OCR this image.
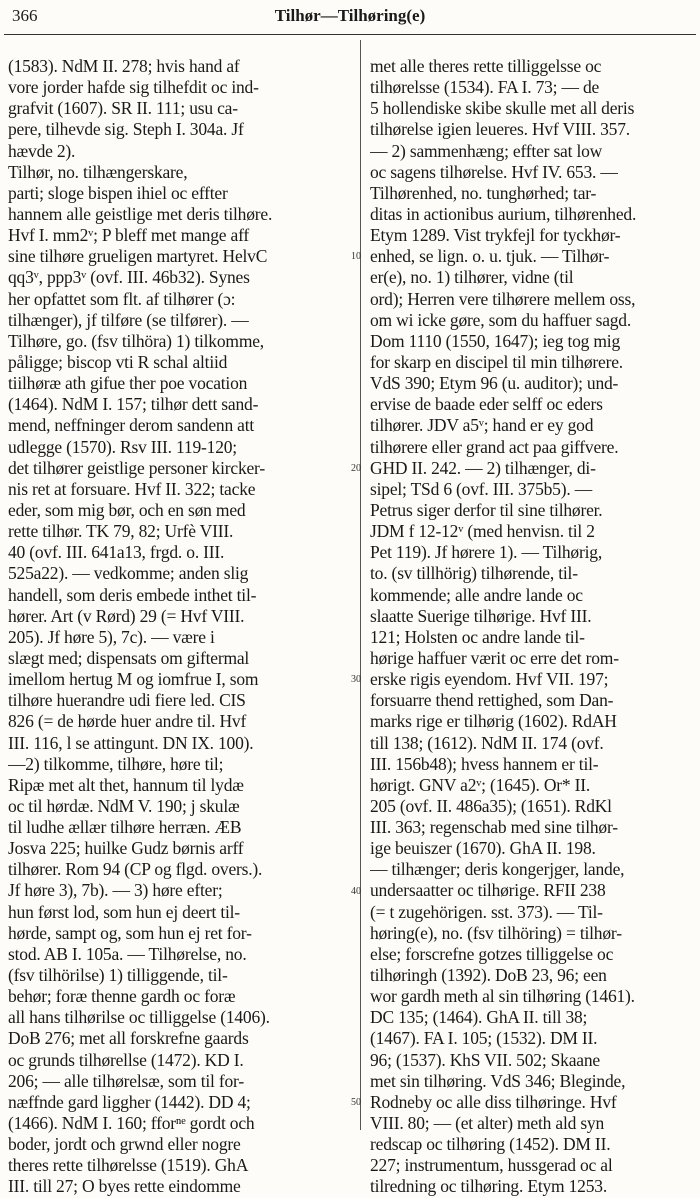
366	Tilhør—Tilhøring(e)
(1583). NdM II. 278; hvis hand af
vore jorder hafde sig tilhefdit oc ind-
grafvit (1607). SR II. 111; usu ca-
pere, tilhevde sig. Steph I. 304a. Jf
hævde 2).
Tilhør, no. tilhængerskare,
parti; sloge bispen ihiel oc effter
hannem alle geistlige met deris tilhøre.
Hvf I. mm2ᵛ; P bleff met mange aff
sine tilhøre grueligen martyret. HelvC
qq3ᵛ, ppp3ᵛ (ovf. III. 46b32). Synes
her opfattet som flt. af tilhører (ɔ:
tilhænger), jf tilføre (se tilfører). —
Tilhøre, go. (fsv tilhöra) 1) tilkomme,
påligge; biscop vti R schal altiid
tiilhøræ ath gifue ther poe vocation
(1464). NdM I. 157; tilhør dett sand-
mend, neffninger derom sandenn att
udlegge (1570). Rsv III. 119-120;
det tilhører geistlige personer kircker-
nis ret at forsuare. Hvf II. 322; tacke
eder, som mig bør, och en søn med
rette tilhør. TK 79, 82; Urfè VIII.
40 (ovf. III. 641a13, frgd. o. III.
525a22). — vedkomme; anden slig
handell, som deris embede inthet til-
hører. Art (v Rørd) 29 (= Hvf VIII.
205). Jf høre 5), 7c). — være i
slægt med; dispensats om giftermal
imellom hertug M og iomfrue I, som
tilhøre huerandre udi fiere led. CIS
826 (= de hørde huer andre til. Hvf
III. 116, l se attingunt. DN IX. 100).
—2) tilkomme, tilhøre, høre til;
Ripæ met alt thet, hannum til lydæ
oc til hørdæ. NdM V. 190; j skulæ
til ludhe ællær tilhøre herræn. ÆB
Josva 225; huilke Gudz børnis arff
tilhører. Rom 94 (CP og flgd. overs.).
Jf høre 3), 7b). — 3) høre efter;
hun først lod, som hun ej deert til-
hørde, sampt og, som hun ej ret for-
stod. AB I. 105a. — Tilhørelse, no.
(fsv tilhörilse) 1) tilliggende, til-
behør; foræ thenne gardh oc foræ
all hans tilhørilse oc tilliggelse (1406).
DoB 276; met all forskrefne gaards
oc grunds tilhørellse (1472). KD I.
206; — alle tilhørelsæ, som til for-
næffnde gard liggher (1442). DD 4;
(1466). NdM I. 160; fforⁿᵉ gordt och
boder, jordt och grwnd eller nogre
theres rette tilhørelsse (1519). GhA
III. till 27; O byes rette eindomme
met alle theres rette tilliggelsse oc
tilhørelsse (1534). FA I. 73; — de
5 hollendiske skibe skulle met all deris
tilhørelse igien leueres. Hvf VIII. 357.
— 2) sammenhæng; effter sat low
oc sagens tilhørelse. Hvf IV. 653. —
Tilhørenhed, no. tunghørhed; tar-
ditas in actionibus aurium, tilhørenhed.
Etym 1289. Vist trykfejl for tyckhør-
enhed, se lign. o. u. tjuk. — Tilhør-
er(e), no. 1) tilhører, vidne (til
ord); Herren vere tilhørere mellem oss,
om wi icke gøre, som du haffuer sagd.
Dom 1110 (1550, 1647); ieg tog mig
for skarp en discipel til min tilhørere.
VdS 390; Etym 96 (u. auditor); und-
ervise de baade eder selff oc eders
tilhører. JDV a5ᵛ; hand er ey god
tilhørere eller grand act paa giffvere.
GHD II. 242. — 2) tilhænger, di-
sipel; TSd 6 (ovf. III. 375b5). —
Petrus siger derfor til sine tilhører.
JDM f 12-12ᵛ (med henvisn. til 2
Pet 119). Jf hørere 1). — Tilhørig,
to. (sv tillhörig) tilhørende, til-
kommende; alle andre lande oc
slaatte Suerige tilhørige. Hvf III.
121; Holsten oc andre lande til-
hørige haffuer værit oc erre det rom-
erske rigis eyendom. Hvf VII. 197;
forsuarre thend rettighed, som Dan-
marks rige er tilhørig (1602). RdAH
till 138; (1612). NdM II. 174 (ovf.
III. 156b48); hvess hannem er til-
hørigt. GNV a2ᵛ; (1645). Or* II.
205 (ovf. II. 486a35); (1651). RdKl
III. 363; regenschab med sine tilhør-
ige beuiszer (1670). GhA II. 198.
— tilhænger; deris kongerjger, lande,
undersaatter oc tilhørige. RFII 238
(= t zugehörigen. sst. 373). — Til-
høring(e), no. (fsv tilhöring) = tilhør-
else; forscrefne gotzes tilliggelse oc
tilhøringh (1392). DoB 23, 96; een
wor gardh meth al sin tilhøring (1461).
DC 135; (1464). GhA II. till 38;
(1467). FA I. 105; (1532). DM II.
96; (1537). KhS VII. 502; Skaane
met sin tilhøring. VdS 346; Bleginde,
Rodneby oc alle diss tilhøringe. Hvf
VIII. 80; — (et alter) meth ald syn
redscap oc tilhøring (1452). DM II.
227; instrumentum, hussgerad oc al
tilredning oc tilhøring. Etym 1253.
10
20
30
40
50
